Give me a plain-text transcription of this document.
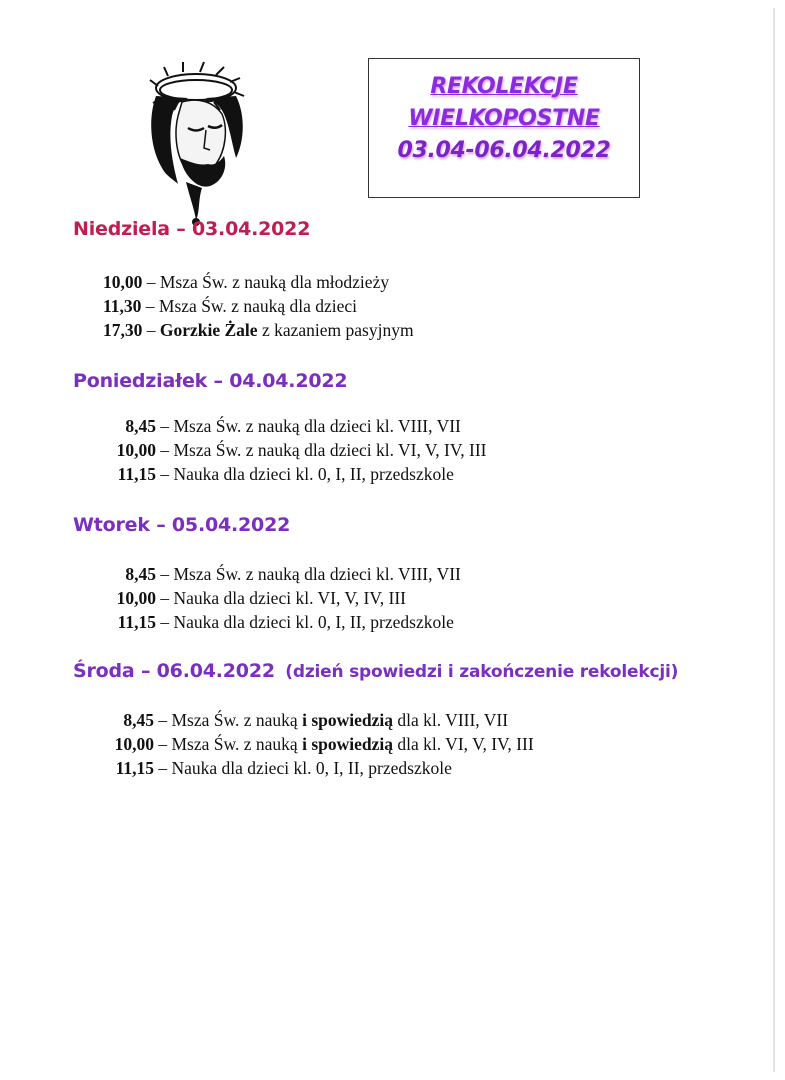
REKOLEKCJE
WIELKOPOSTNE
03.04-06.04.2022
Niedziela – 03.04.2022
10,00 – Msza Św. z nauką dla młodzieży
11,30 – Msza Św. z nauką dla dzieci
17,30 – Gorzkie Żale z kazaniem pasyjnym
Poniedziałek – 04.04.2022
8,45 – Msza Św. z nauką dla dzieci kl. VIII, VII
10,00 – Msza Św. z nauką dla dzieci kl. VI, V, IV, III
11,15 – Nauka dla dzieci kl. 0, I, II, przedszkole
Wtorek – 05.04.2022
8,45 – Msza Św. z nauką dla dzieci kl. VIII, VII
10,00 – Nauka dla dzieci kl. VI, V, IV, III
11,15 – Nauka dla dzieci kl. 0, I, II, przedszkole
Środa – 06.04.2022 (dzień spowiedzi i zakończenie rekolekcji)
8,45 – Msza Św. z nauką i spowiedzią dla kl. VIII, VII
10,00 – Msza Św. z nauką i spowiedzią dla kl. VI, V, IV, III
11,15 – Nauka dla dzieci kl. 0, I, II, przedszkole
